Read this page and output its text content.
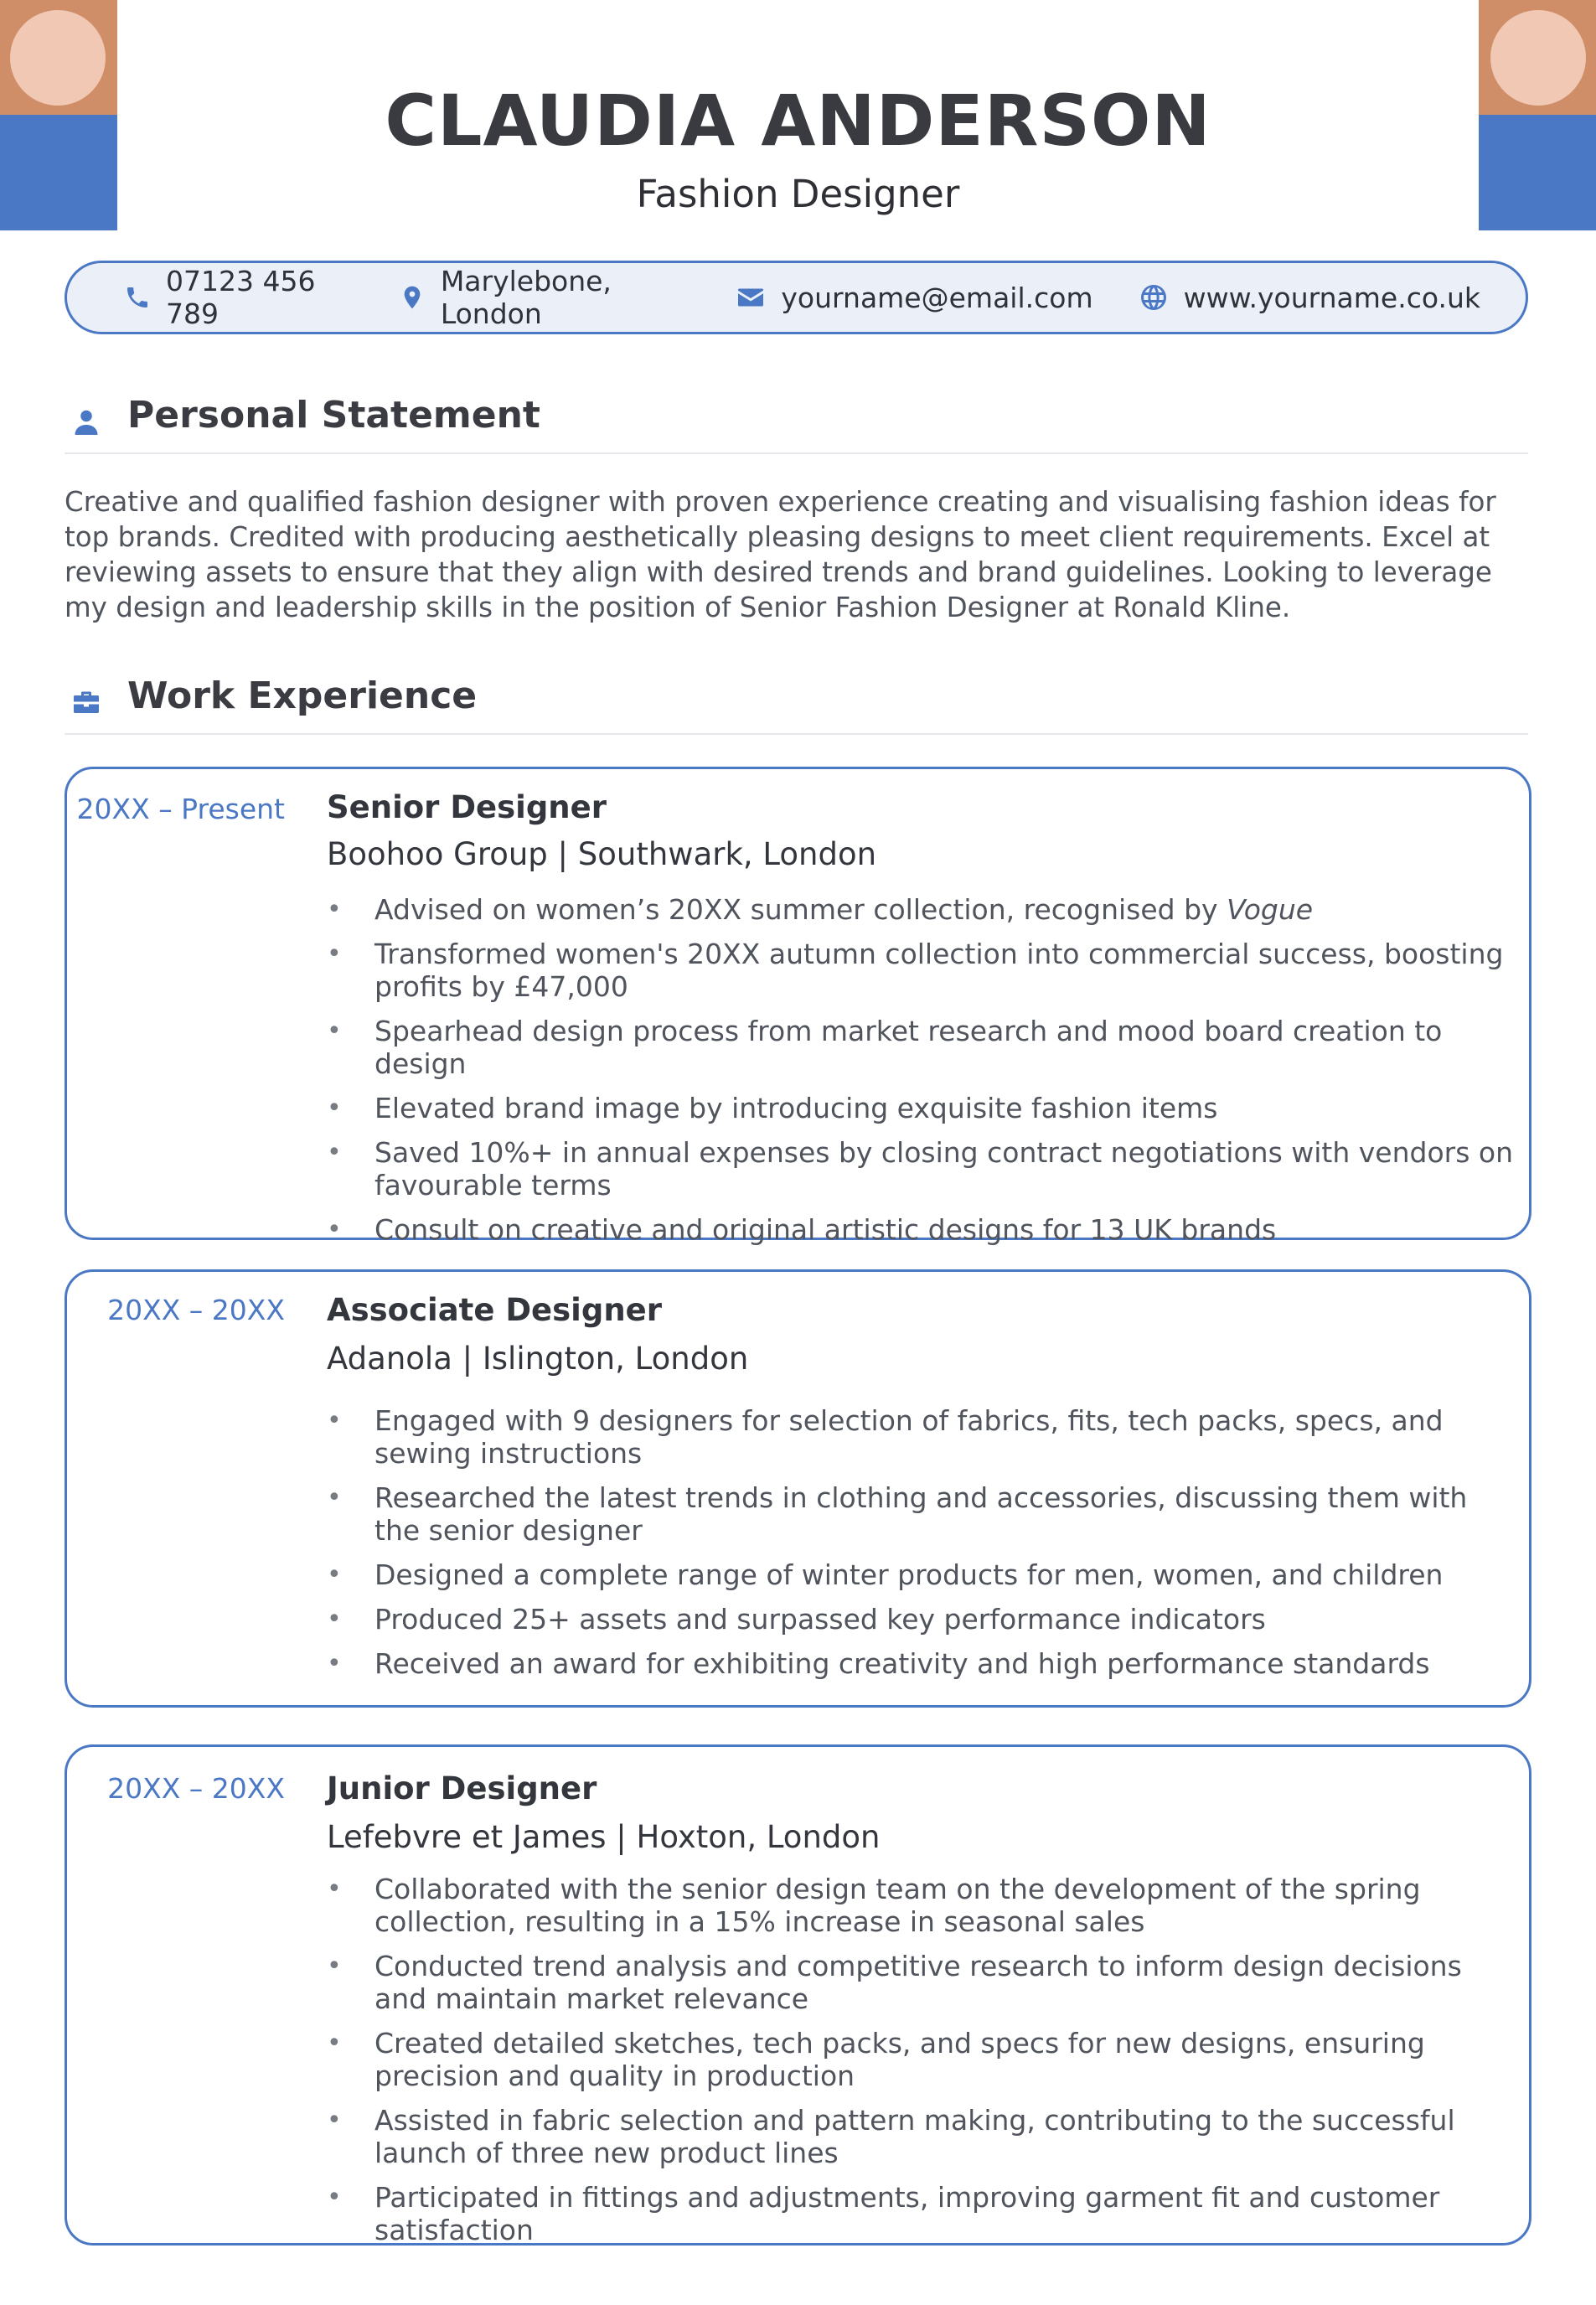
CLAUDIA ANDERSON

Fashion Designer

07123 456 789
Marylebone, London	yourname@email.com	www.yourname.co.uk
Personal Statement

Creative and qualified fashion designer with proven experience creating and visualising fashion ideas for top brands. Credited with producing aesthetically pleasing designs to meet client requirements. Excel at reviewing assets to ensure that they align with desired trends and brand guidelines. Looking to leverage my design and leadership skills in the position of Senior Fashion Designer at Ronald Kline.

Work Experience
20XX – Present Senior Designer

Boohoo Group | Southwark, London

• Advised on women’s 20XX summer collection, recognised by Vogue
• Transformed women's 20XX autumn collection into commercial success, boosting profits by £47,000
• Spearhead design process from market research and mood board creation to design
• Elevated brand image by introducing exquisite fashion items
• Saved 10%+ in annual expenses by closing contract negotiations with vendors on favourable terms
• Consult on creative and original artistic designs for 13 UK brands
20XX – 20XX Associate Designer

Adanola | Islington, London

• Engaged with 9 designers for selection of fabrics, fits, tech packs, specs, and sewing instructions
• Researched the latest trends in clothing and accessories, discussing them with the senior designer
• Designed a complete range of winter products for men, women, and children
• Produced 25+ assets and surpassed key performance indicators
• Received an award for exhibiting creativity and high performance standards
20XX – 20XX Junior Designer

Lefebvre et James | Hoxton, London

• Collaborated with the senior design team on the development of the spring collection, resulting in a 15% increase in seasonal sales
• Conducted trend analysis and competitive research to inform design decisions and maintain market relevance
• Created detailed sketches, tech packs, and specs for new designs, ensuring precision and quality in production
• Assisted in fabric selection and pattern making, contributing to the successful launch of three new product lines
• Participated in fittings and adjustments, improving garment fit and customer satisfaction
